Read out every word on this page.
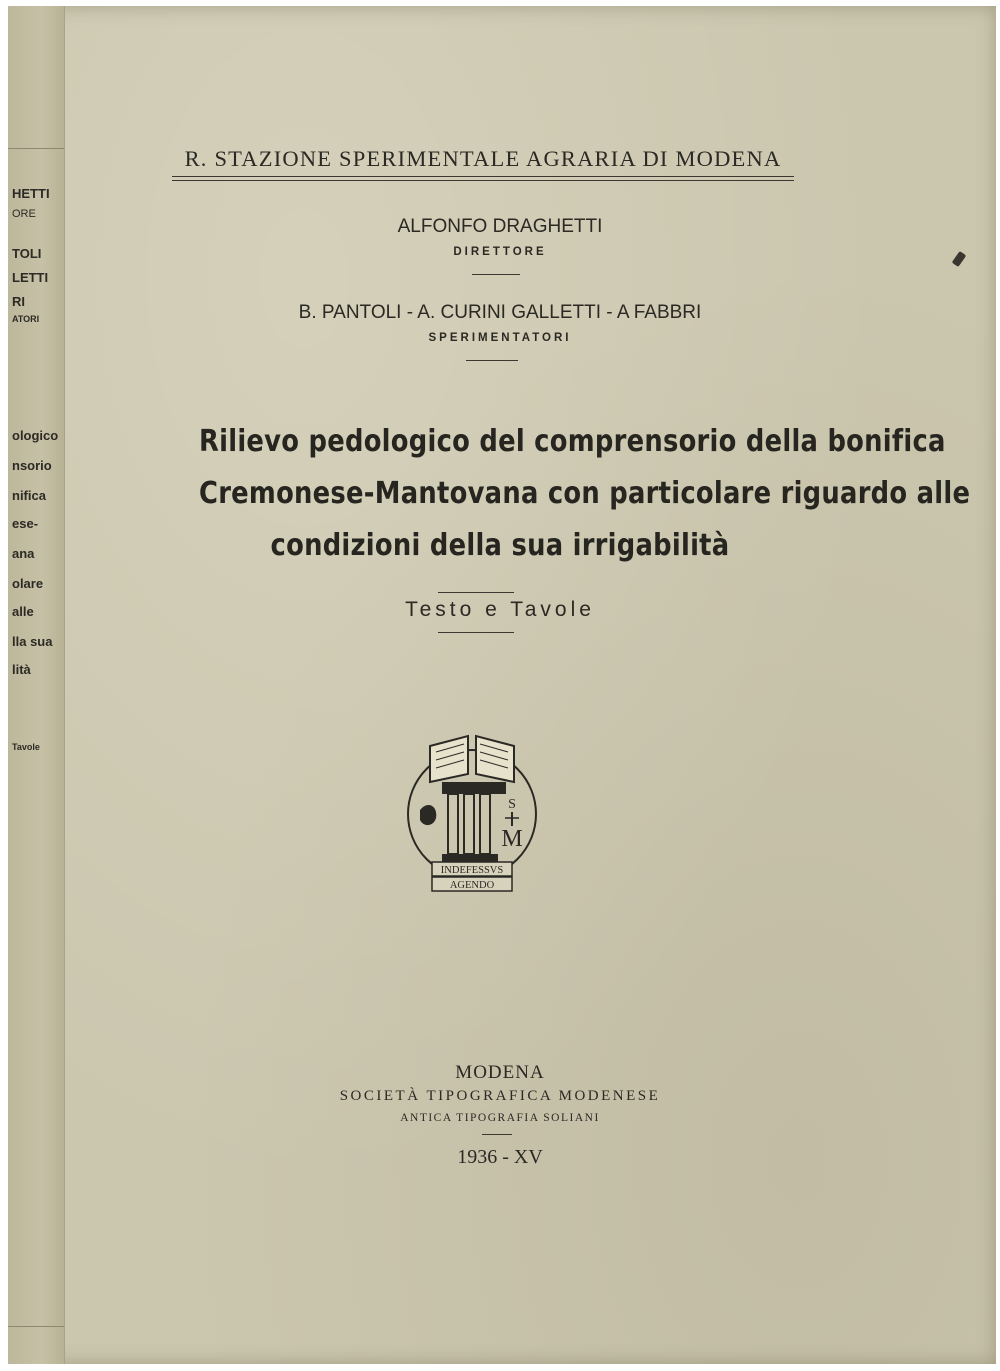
HETTI
ORE
TOLI
LETTI
RI
ATORI
ologico
nsorio
nifica
ese-
ana
olare
alle
lla sua
lità
Tavole
R. STAZIONE SPERIMENTALE AGRARIA DI MODENA
ALFONFO DRAGHETTI
DIRETTORE
B. PANTOLI - A. CURINI GALLETTI - A FABBRI
SPERIMENTATORI
Rilievo pedologico del comprensorio della bonifica
Cremonese-Mantovana con particolare riguardo alle
condizioni della sua irrigabilità
Testo e Tavole
S
M
INDEFESSVS
AGENDO
MODENA
SOCIETÀ TIPOGRAFICA MODENESE
ANTICA TIPOGRAFIA SOLIANI
1936 - XV
